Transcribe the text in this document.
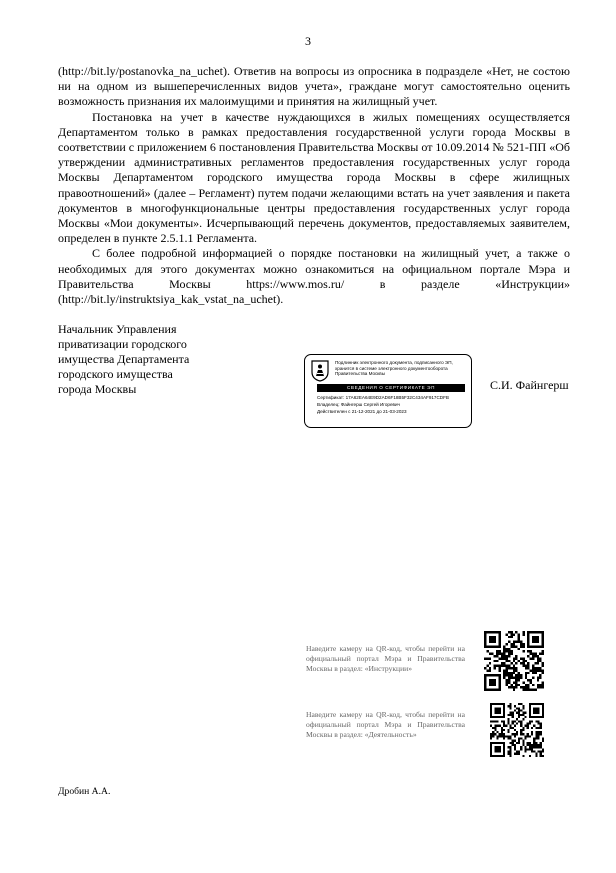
3

(http://bit.ly/postanovka_na_uchet). Ответив на вопросы из опросника в подразделе «Нет, не состою ни на одном из вышеперечисленных видов учета», граждане могут самостоятельно оценить возможность признания их малоимущими и принятия на жилищный учет.

Постановка на учет в качестве нуждающихся в жилых помещениях осуществляется Департаментом только в рамках предоставления государственной услуги города Москвы в соответствии с приложением 6 постановления Правительства Москвы от 10.09.2014 № 521-ПП «Об утверждении административных регламентов предоставления государственных услуг города Москвы Департаментом городского имущества города Москвы в сфере жилищных правоотношений» (далее – Регламент) путем подачи желающими встать на учет заявления и пакета документов в многофункциональные центры предоставления государственных услуг города Москвы «Мои документы». Исчерпывающий перечень документов, предоставляемых заявителем, определен в пункте 2.5.1.1 Регламента.

С более подробной информацией о порядке постановки на жилищный учет, а также о необходимых для этого документах можно ознакомиться на официальном портале Мэра и Правительства Москвы https://www.mos.ru/ в разделе «Инструкции» (http://bit.ly/instruktsiya_kak_vstat_na_uchet).

Начальник Управления
приватизации городского
имущества Департамента
городского имущества
города Москвы
Подлинник электронного документа, подписанного ЭП,
хранится в системе электронного документооборота
Правительства Москвы
СВЕДЕНИЯ О СЕРТИФИКАТЕ ЭП
Сертификат: 17A62EA64E9D2AD6F18B5F32C434AF917CDFB
Владелец: Файнгерш Сергей Игоревич
Действителен с 21-12-2021 до 21-03-2023
С.И. Файнгерш
Наведите камеру на QR-код, чтобы перейти на официальный портал Мэра и Правительства Москвы в раздел: «Инструкции»
Наведите камеру на QR-код, чтобы перейти на официальный портал Мэра и Правительства Москвы в раздел: «Деятельность»
Дробин А.А.
